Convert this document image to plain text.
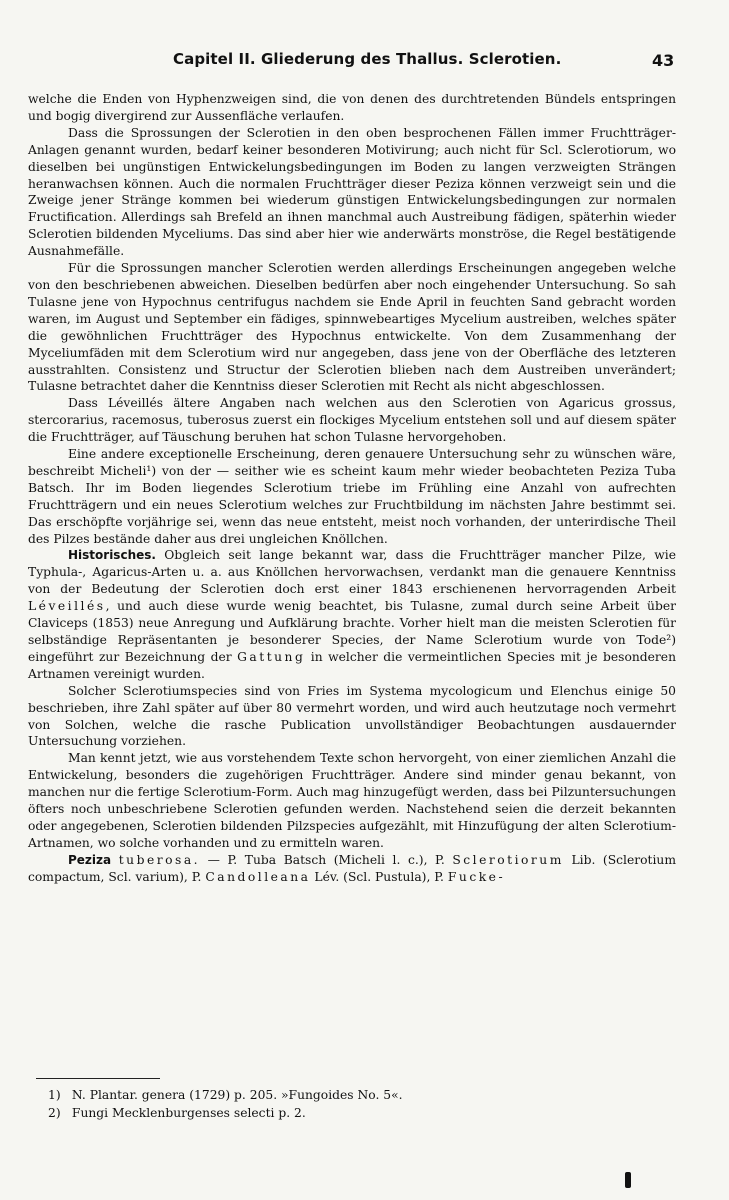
Capitel II. Gliederung des Thallus. Sclerotien.	43

welche die Enden von Hyphenzweigen sind, die von denen des durchtretenden Bündels entspringen und bogig divergirend zur Aussenfläche verlaufen.

Dass die Sprossungen der Sclerotien in den oben besprochenen Fällen immer Fruchtträger-Anlagen genannt wurden, bedarf keiner besonderen Motivirung; auch nicht für Scl. Sclerotiorum, wo dieselben bei ungünstigen Entwickelungsbedingungen im Boden zu langen verzweigten Strängen heranwachsen können. Auch die normalen Fruchtträger dieser Peziza können verzweigt sein und die Zweige jener Stränge kommen bei wiederum günstigen Entwickelungsbedingungen zur normalen Fructification. Allerdings sah Brefeld an ihnen manchmal auch Austreibung fädigen, späterhin wieder Sclerotien bildenden Myceliums. Das sind aber hier wie anderwärts monströse, die Regel bestätigende Ausnahmefälle.

Für die Sprossungen mancher Sclerotien werden allerdings Erscheinungen angegeben welche von den beschriebenen abweichen. Dieselben bedürfen aber noch eingehender Untersuchung. So sah Tulasne jene von Hypochnus centrifugus nachdem sie Ende April in feuchten Sand gebracht worden waren, im August und September ein fädiges, spinnwebeartiges Mycelium austreiben, welches später die gewöhnlichen Fruchtträger des Hypochnus entwickelte. Von dem Zusammenhang der Myceliumfäden mit dem Sclerotium wird nur angegeben, dass jene von der Oberfläche des letzteren ausstrahlten. Consistenz und Structur der Sclerotien blieben nach dem Austreiben unverändert; Tulasne betrachtet daher die Kenntniss dieser Sclerotien mit Recht als nicht abgeschlossen.

Dass Léveillés ältere Angaben nach welchen aus den Sclerotien von Agaricus grossus, stercorarius, racemosus, tuberosus zuerst ein flockiges Mycelium entstehen soll und auf diesem später die Fruchtträger, auf Täuschung beruhen hat schon Tulasne hervorgehoben.

Eine andere exceptionelle Erscheinung, deren genauere Untersuchung sehr zu wünschen wäre, beschreibt Micheli¹) von der — seither wie es scheint kaum mehr wieder beobachteten Peziza Tuba Batsch. Ihr im Boden liegendes Sclerotium triebe im Frühling eine Anzahl von aufrechten Fruchtträgern und ein neues Sclerotium welches zur Fruchtbildung im nächsten Jahre bestimmt sei. Das erschöpfte vorjährige sei, wenn das neue entsteht, meist noch vorhanden, der unterirdische Theil des Pilzes bestände daher aus drei ungleichen Knöllchen.

Historisches. Obgleich seit lange bekannt war, dass die Fruchtträger mancher Pilze, wie Typhula-, Agaricus-Arten u. a. aus Knöllchen hervorwachsen, verdankt man die genauere Kenntniss von der Bedeutung der Sclerotien doch erst einer 1843 erschienenen hervorragenden Arbeit Léveillés, und auch diese wurde wenig beachtet, bis Tulasne, zumal durch seine Arbeit über Claviceps (1853) neue Anregung und Aufklärung brachte. Vorher hielt man die meisten Sclerotien für selbständige Repräsentanten je besonderer Species, der Name Sclerotium wurde von Tode²) eingeführt zur Bezeichnung der Gattung in welcher die vermeintlichen Species mit je besonderen Artnamen vereinigt wurden.

Solcher Sclerotiumspecies sind von Fries im Systema mycologicum und Elenchus einige 50 beschrieben, ihre Zahl später auf über 80 vermehrt worden, und wird auch heutzutage noch vermehrt von Solchen, welche die rasche Publication unvollständiger Beobachtungen ausdauernder Untersuchung vorziehen.

Man kennt jetzt, wie aus vorstehendem Texte schon hervorgeht, von einer ziemlichen Anzahl die Entwickelung, besonders die zugehörigen Fruchtträger. Andere sind minder genau bekannt, von manchen nur die fertige Sclerotium-Form. Auch mag hinzugefügt werden, dass bei Pilzuntersuchungen öfters noch unbeschriebene Sclerotien gefunden werden. Nachstehend seien die derzeit bekannten oder angegebenen, Sclerotien bildenden Pilzspecies aufgezählt, mit Hinzufügung der alten Sclerotium-Artnamen, wo solche vorhanden und zu ermitteln waren.

Peziza tuberosa. — P. Tuba Batsch (Micheli l. c.), P. Sclerotiorum Lib. (Sclerotium compactum, Scl. varium), P. Candolleana Lév. (Scl. Pustula), P. Fucke-

1) N. Plantar. genera (1729) p. 205. »Fungoides No. 5«.
2) Fungi Mecklenburgenses selecti p. 2.
